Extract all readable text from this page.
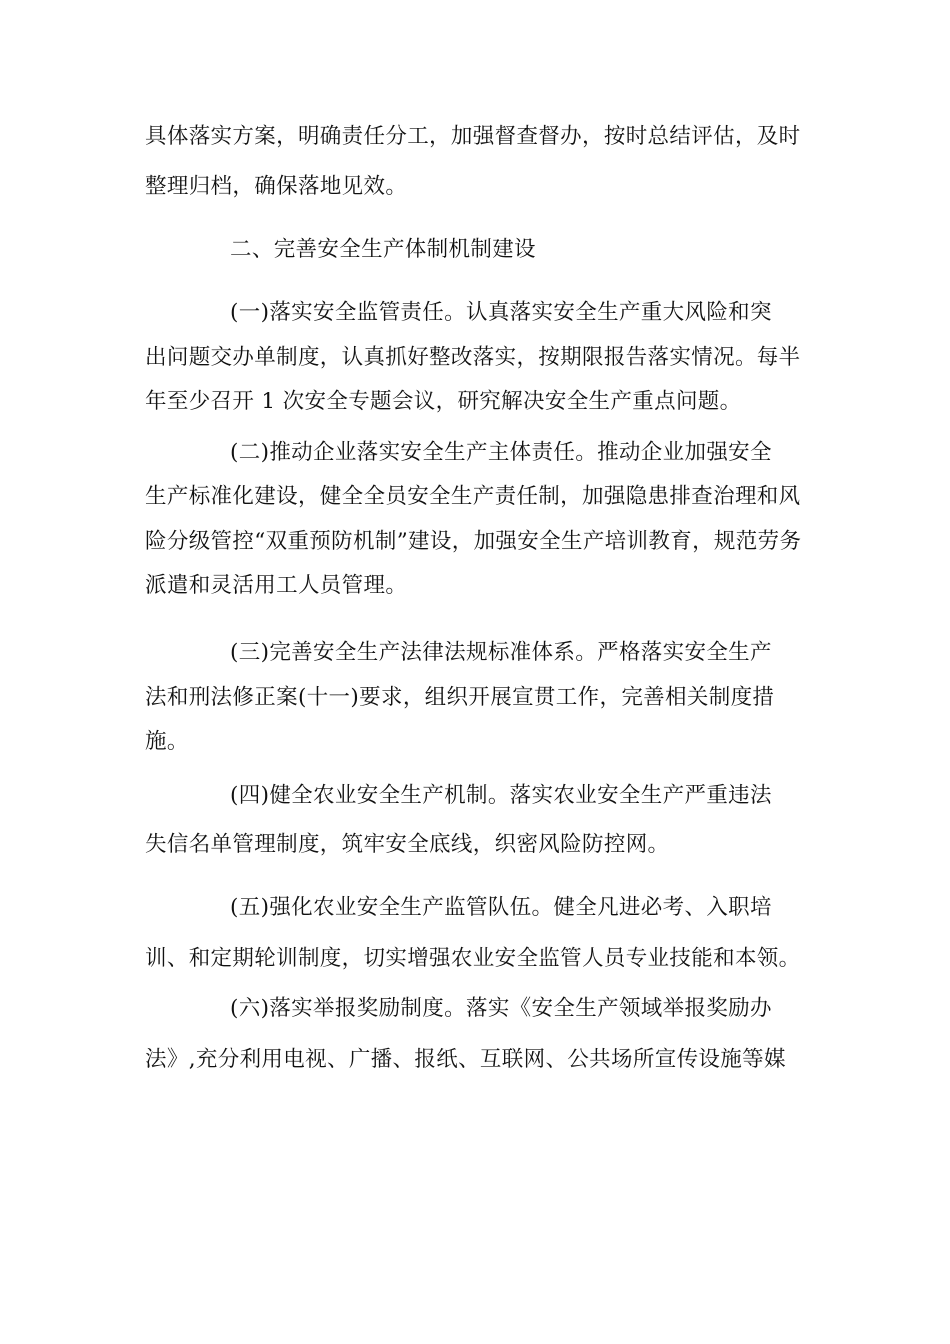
具体落实方案，明确责任分工，加强督查督办，按时总结评估，及时
整理归档，确保落地见效。
二、完善安全生产体制机制建设
(一)落实安全监管责任。认真落实安全生产重大风险和突
出问题交办单制度，认真抓好整改落实，按期限报告落实情况。每半
年至少召开 1 次安全专题会议，研究解决安全生产重点问题。
(二)推动企业落实安全生产主体责任。推动企业加强安全
生产标准化建设，健全全员安全生产责任制，加强隐患排查治理和风
险分级管控“双重预防机制”建设，加强安全生产培训教育，规范劳务
派遣和灵活用工人员管理。
(三)完善安全生产法律法规标准体系。严格落实安全生产
法和刑法修正案(十一)要求，组织开展宣贯工作，完善相关制度措
施。
(四)健全农业安全生产机制。落实农业安全生产严重违法
失信名单管理制度，筑牢安全底线，织密风险防控网。
(五)强化农业安全生产监管队伍。健全凡进必考、入职培
训、和定期轮训制度，切实增强农业安全监管人员专业技能和本领。
(六)落实举报奖励制度。落实《安全生产领域举报奖励办
法》,充分利用电视、广播、报纸、互联网、公共场所宣传设施等媒
